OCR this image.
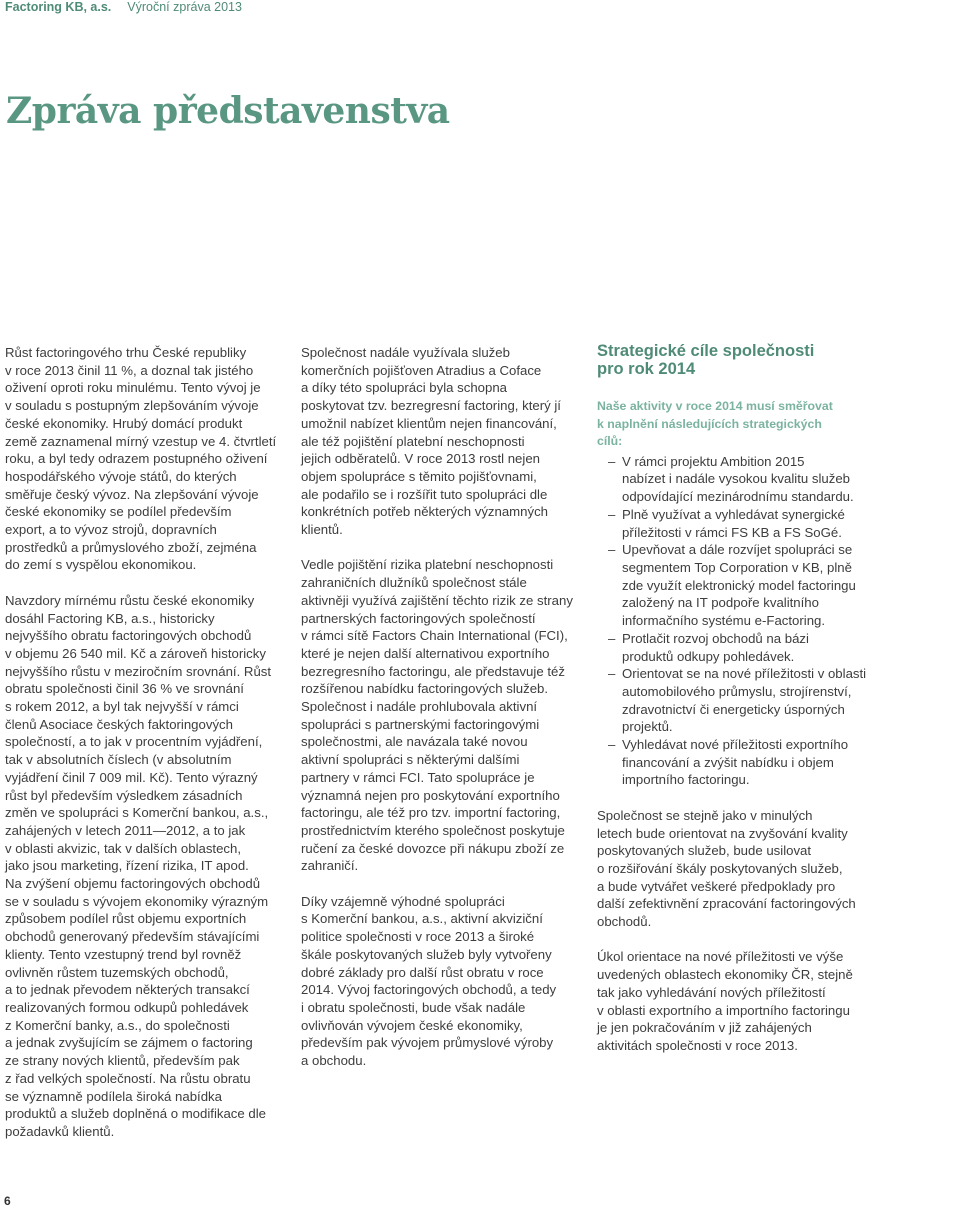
Factoring KB, a.s. Výroční zpráva 2013
Zpráva představenstva

Růst factoringového trhu České republiky
v roce 2013 činil 11 %, a doznal tak jistého
oživení oproti roku minulému. Tento vývoj je
v souladu s postupným zlepšováním vývoje
české ekonomiky. Hrubý domácí produkt
země zaznamenal mírný vzestup ve 4. čtvrtletí
roku, a byl tedy odrazem postupného oživení
hospodářského vývoje států, do kterých
směřuje český vývoz. Na zlepšování vývoje
české ekonomiky se podílel především
export, a to vývoz strojů, dopravních
prostředků a průmyslového zboží, zejména
do zemí s vyspělou ekonomikou.

Navzdory mírnému růstu české ekonomiky
dosáhl Factoring KB, a.s., historicky
nejvyššího obratu factoringových obchodů
v objemu 26 540 mil. Kč a zároveň historicky
nejvyššího růstu v meziročním srovnání. Růst
obratu společnosti činil 36 % ve srovnání
s rokem 2012, a byl tak nejvyšší v rámci
členů Asociace českých faktoringových
společností, a to jak v procentním vyjádření,
tak v absolutních číslech (v absolutním
vyjádření činil 7 009 mil. Kč). Tento výrazný
růst byl především výsledkem zásadních
změn ve spolupráci s Komerční bankou, a.s.,
zahájených v letech 2011—2012, a to jak
v oblasti akvizic, tak v dalších oblastech,
jako jsou marketing, řízení rizika, IT apod.
Na zvýšení objemu factoringových obchodů
se v souladu s vývojem ekonomiky výrazným
způsobem podílel růst objemu exportních
obchodů generovaný především stávajícími
klienty. Tento vzestupný trend byl rovněž
ovlivněn růstem tuzemských obchodů,
a to jednak převodem některých transakcí
realizovaných formou odkupů pohledávek
z Komerční banky, a.s., do společnosti
a jednak zvyšujícím se zájmem o factoring
ze strany nových klientů, především pak
z řad velkých společností. Na růstu obratu
se významně podílela široká nabídka
produktů a služeb doplněná o modifikace dle
požadavků klientů.

Společnost nadále využívala služeb
komerčních pojišťoven Atradius a Coface
a díky této spolupráci byla schopna
poskytovat tzv. bezregresní factoring, který jí
umožnil nabízet klientům nejen financování,
ale též pojištění platební neschopnosti
jejich odběratelů. V roce 2013 rostl nejen
objem spolupráce s těmito pojišťovnami,
ale podařilo se i rozšířit tuto spolupráci dle
konkrétních potřeb některých významných
klientů.

Vedle pojištění rizika platební neschopnosti
zahraničních dlužníků společnost stále
aktivněji využívá zajištění těchto rizik ze strany
partnerských factoringových společností
v rámci sítě Factors Chain International (FCI),
které je nejen další alternativou exportního
bezregresního factoringu, ale představuje též
rozšířenou nabídku factoringových služeb.
Společnost i nadále prohlubovala aktivní
spolupráci s partnerskými factoringovými
společnostmi, ale navázala také novou
aktivní spolupráci s některými dalšími
partnery v rámci FCI. Tato spolupráce je
významná nejen pro poskytování exportního
factoringu, ale též pro tzv. importní factoring,
prostřednictvím kterého společnost poskytuje
ručení za české dovozce při nákupu zboží ze
zahraničí.

Díky vzájemně výhodné spolupráci
s Komerční bankou, a.s., aktivní akviziční
politice společnosti v roce 2013 a široké
škále poskytovaných služeb byly vytvořeny
dobré základy pro další růst obratu v roce
2014. Vývoj factoringových obchodů, a tedy
i obratu společnosti, bude však nadále
ovlivňován vývojem české ekonomiky,
především pak vývojem průmyslové výroby
a obchodu.

Strategické cíle společnosti
pro rok 2014
Naše aktivity v roce 2014 musí směřovat
k naplnění následujících strategických
cílů:
– V rámci projektu Ambition 2015
nabízet i nadále vysokou kvalitu služeb
odpovídající mezinárodnímu standardu.
– Plně využívat a vyhledávat synergické
příležitosti v rámci FS KB a FS SoGé.
– Upevňovat a dále rozvíjet spolupráci se
segmentem Top Corporation v KB, plně
zde využít elektronický model factoringu
založený na IT podpoře kvalitního
informačního systému e-Factoring.
– Protlačit rozvoj obchodů na bázi
produktů odkupy pohledávek.
– Orientovat se na nové příležitosti v oblasti
automobilového průmyslu, strojírenství,
zdravotnictví či energeticky úsporných
projektů.
– Vyhledávat nové příležitosti exportního
financování a zvýšit nabídku i objem
importního factoringu.

Společnost se stejně jako v minulých
letech bude orientovat na zvyšování kvality
poskytovaných služeb, bude usilovat
o rozšiřování škály poskytovaných služeb,
a bude vytvářet veškeré předpoklady pro
další zefektivnění zpracování factoringových
obchodů.

Úkol orientace na nové příležitosti ve výše
uvedených oblastech ekonomiky ČR, stejně
tak jako vyhledávání nových příležitostí
v oblasti exportního a importního factoringu
je jen pokračováním v již zahájených
aktivitách společnosti v roce 2013.

6
